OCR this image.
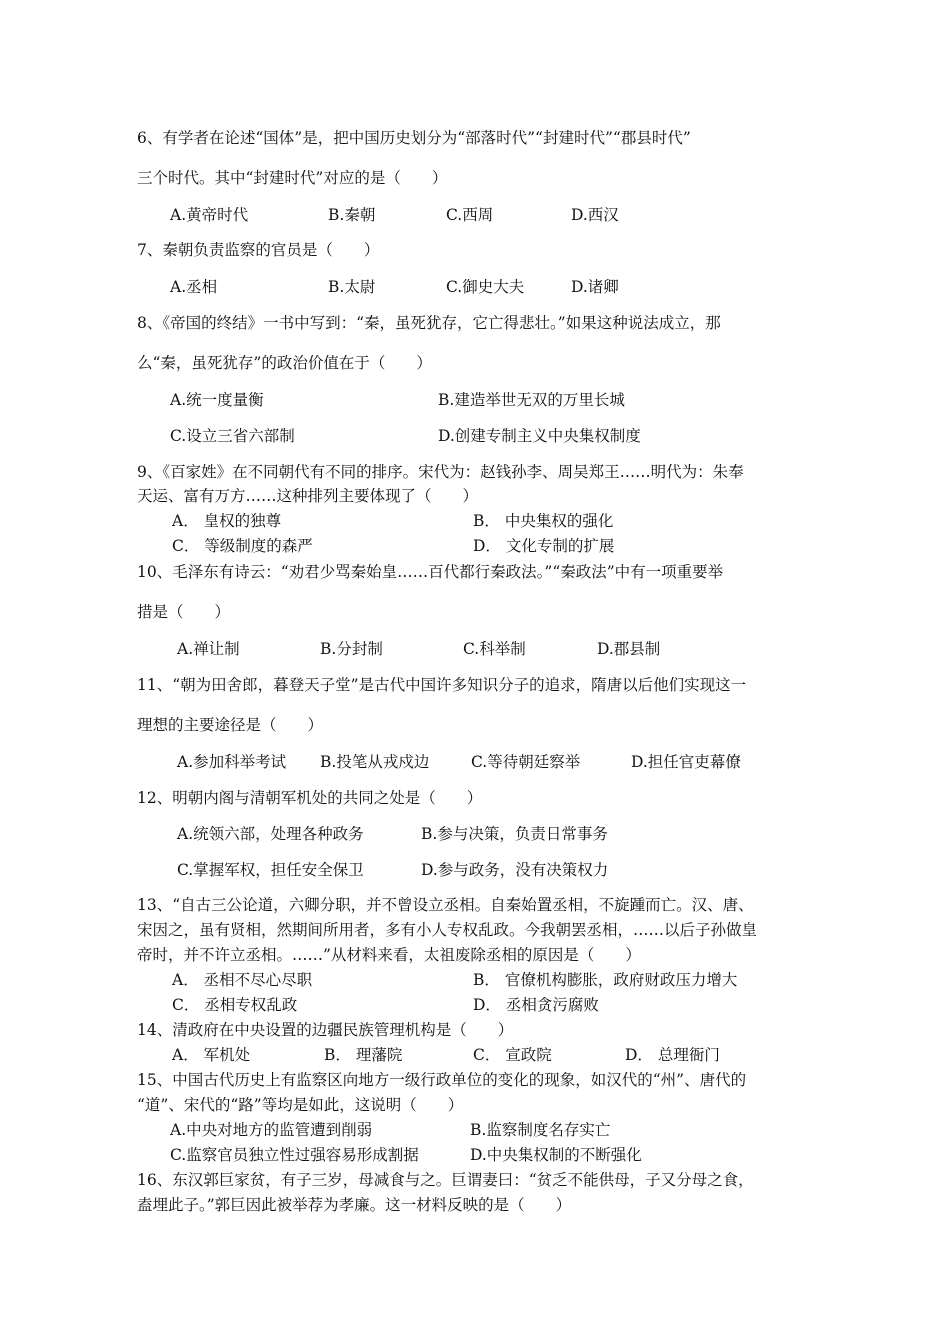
6、有学者在论述“国体”是，把中国历史划分为“部落时代”“封建时代”“郡县时代”
三个时代。其中“封建时代”对应的是（　　）
A.黄帝时代	B.秦朝	C.西周	D.西汉
7、秦朝负责监察的官员是（　　）
A.丞相	B.太尉	C.御史大夫	D.诸卿
8、《帝国的终结》一书中写到：“秦，虽死犹存，它亡得悲壮。”如果这种说法成立，那
么“秦，虽死犹存”的政治价值在于（　　）
A.统一度量衡	B.建造举世无双的万里长城
C.设立三省六部制	D.创建专制主义中央集权制度
9、《百家姓》在不同朝代有不同的排序。宋代为：赵钱孙李、周吴郑王……明代为：朱奉
天运、富有万方……这种排列主要体现了（　　）
A． 皇权的独尊	B． 中央集权的强化
C． 等级制度的森严	D． 文化专制的扩展
10、毛泽东有诗云：“劝君少骂秦始皇……百代都行秦政法。”“秦政法”中有一项重要举
措是（　　）
A.禅让制	B.分封制	C.科举制	D.郡县制
11、“朝为田舍郎，暮登天子堂”是古代中国许多知识分子的追求，隋唐以后他们实现这一
理想的主要途径是（　　）
A.参加科举考试 B.投笔从戎戍边	C.等待朝廷察举	D.担任官吏幕僚
12、明朝内阁与清朝军机处的共同之处是（　　）
A.统领六部，处理各种政务	B.参与决策，负责日常事务
C.掌握军权，担任安全保卫	D.参与政务，没有决策权力
13、“自古三公论道，六卿分职，并不曾设立丞相。自秦始置丞相，不旋踵而亡。汉、唐、
宋因之，虽有贤相，然期间所用者，多有小人专权乱政。今我朝罢丞相，……以后子孙做皇
帝时，并不许立丞相。……”从材料来看，太祖废除丞相的原因是（　　）
A． 丞相不尽心尽职	B． 官僚机构膨胀，政府财政压力增大
C． 丞相专权乱政	D． 丞相贪污腐败
14、清政府在中央设置的边疆民族管理机构是（　　）
A． 军机处	B． 理藩院	C． 宣政院	D． 总理衙门
15、中国古代历史上有监察区向地方一级行政单位的变化的现象，如汉代的“州”、唐代的
“道”、宋代的“路”等均是如此，这说明（　　）
A.中央对地方的监管遭到削弱	B.监察制度名存实亡
C.监察官员独立性过强容易形成割据	D.中央集权制的不断强化
16、东汉郭巨家贫，有子三岁，母减食与之。巨谓妻曰：“贫乏不能供母，子又分母之食，
盍埋此子。”郭巨因此被举荐为孝廉。这一材料反映的是（　　）
